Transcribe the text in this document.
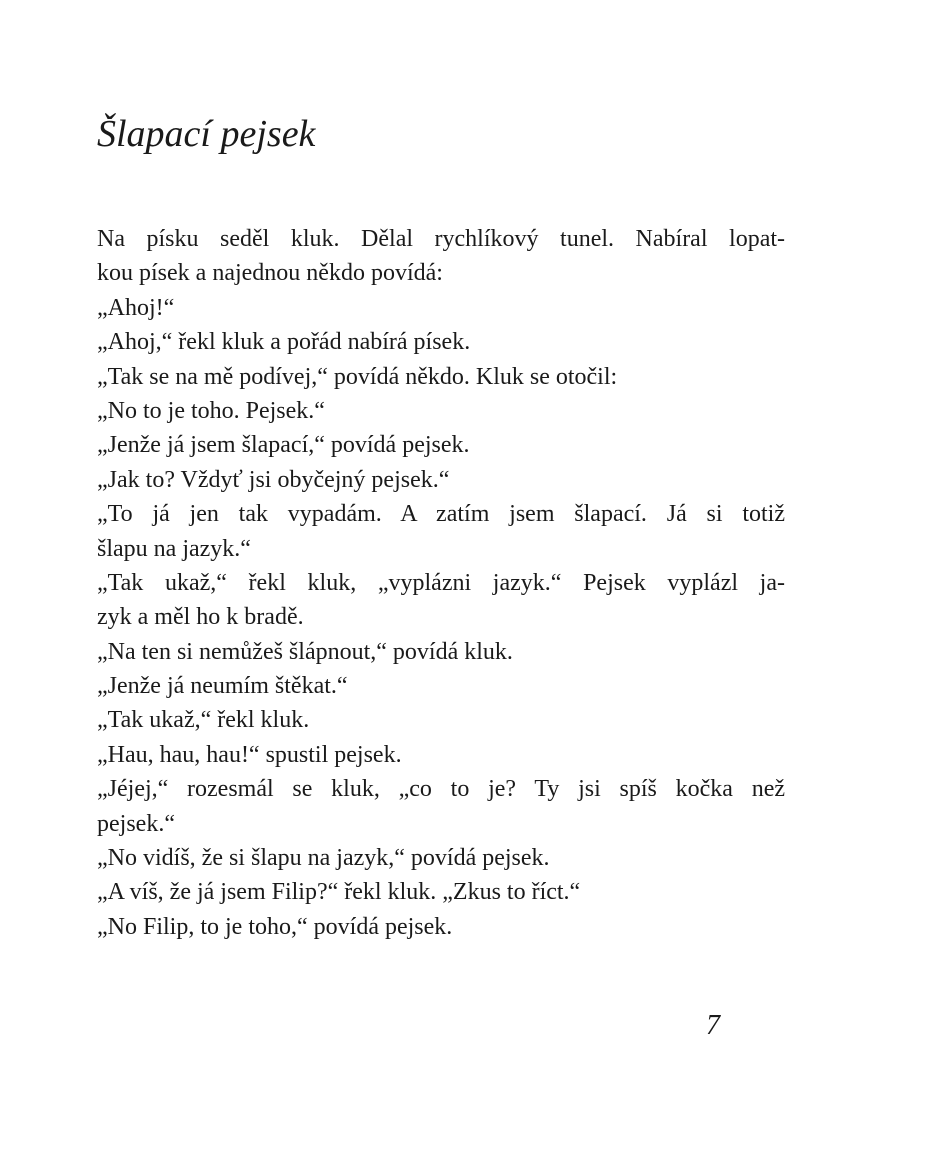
Šlapací pejsek
Na písku seděl kluk. Dělal rychlíkový tunel. Nabíral lopat-
kou písek a najednou někdo povídá:
„Ahoj!“
„Ahoj,“ řekl kluk a pořád nabírá písek.
„Tak se na mě podívej,“ povídá někdo. Kluk se otočil:
„No to je toho. Pejsek.“
„Jenže já jsem šlapací,“ povídá pejsek.
„Jak to? Vždyť jsi obyčejný pejsek.“
„To já jen tak vypadám. A zatím jsem šlapací. Já si totiž
šlapu na jazyk.“
„Tak ukaž,“ řekl kluk, „vyplázni jazyk.“ Pejsek vyplázl ja-
zyk a měl ho k bradě.
„Na ten si nemůžeš šlápnout,“ povídá kluk.
„Jenže já neumím štěkat.“
„Tak ukaž,“ řekl kluk.
„Hau, hau, hau!“ spustil pejsek.
„Jéjej,“ rozesmál se kluk, „co to je? Ty jsi spíš kočka než
pejsek.“
„No vidíš, že si šlapu na jazyk,“ povídá pejsek.
„A víš, že já jsem Filip?“ řekl kluk. „Zkus to říct.“
„No Filip, to je toho,“ povídá pejsek.
7
